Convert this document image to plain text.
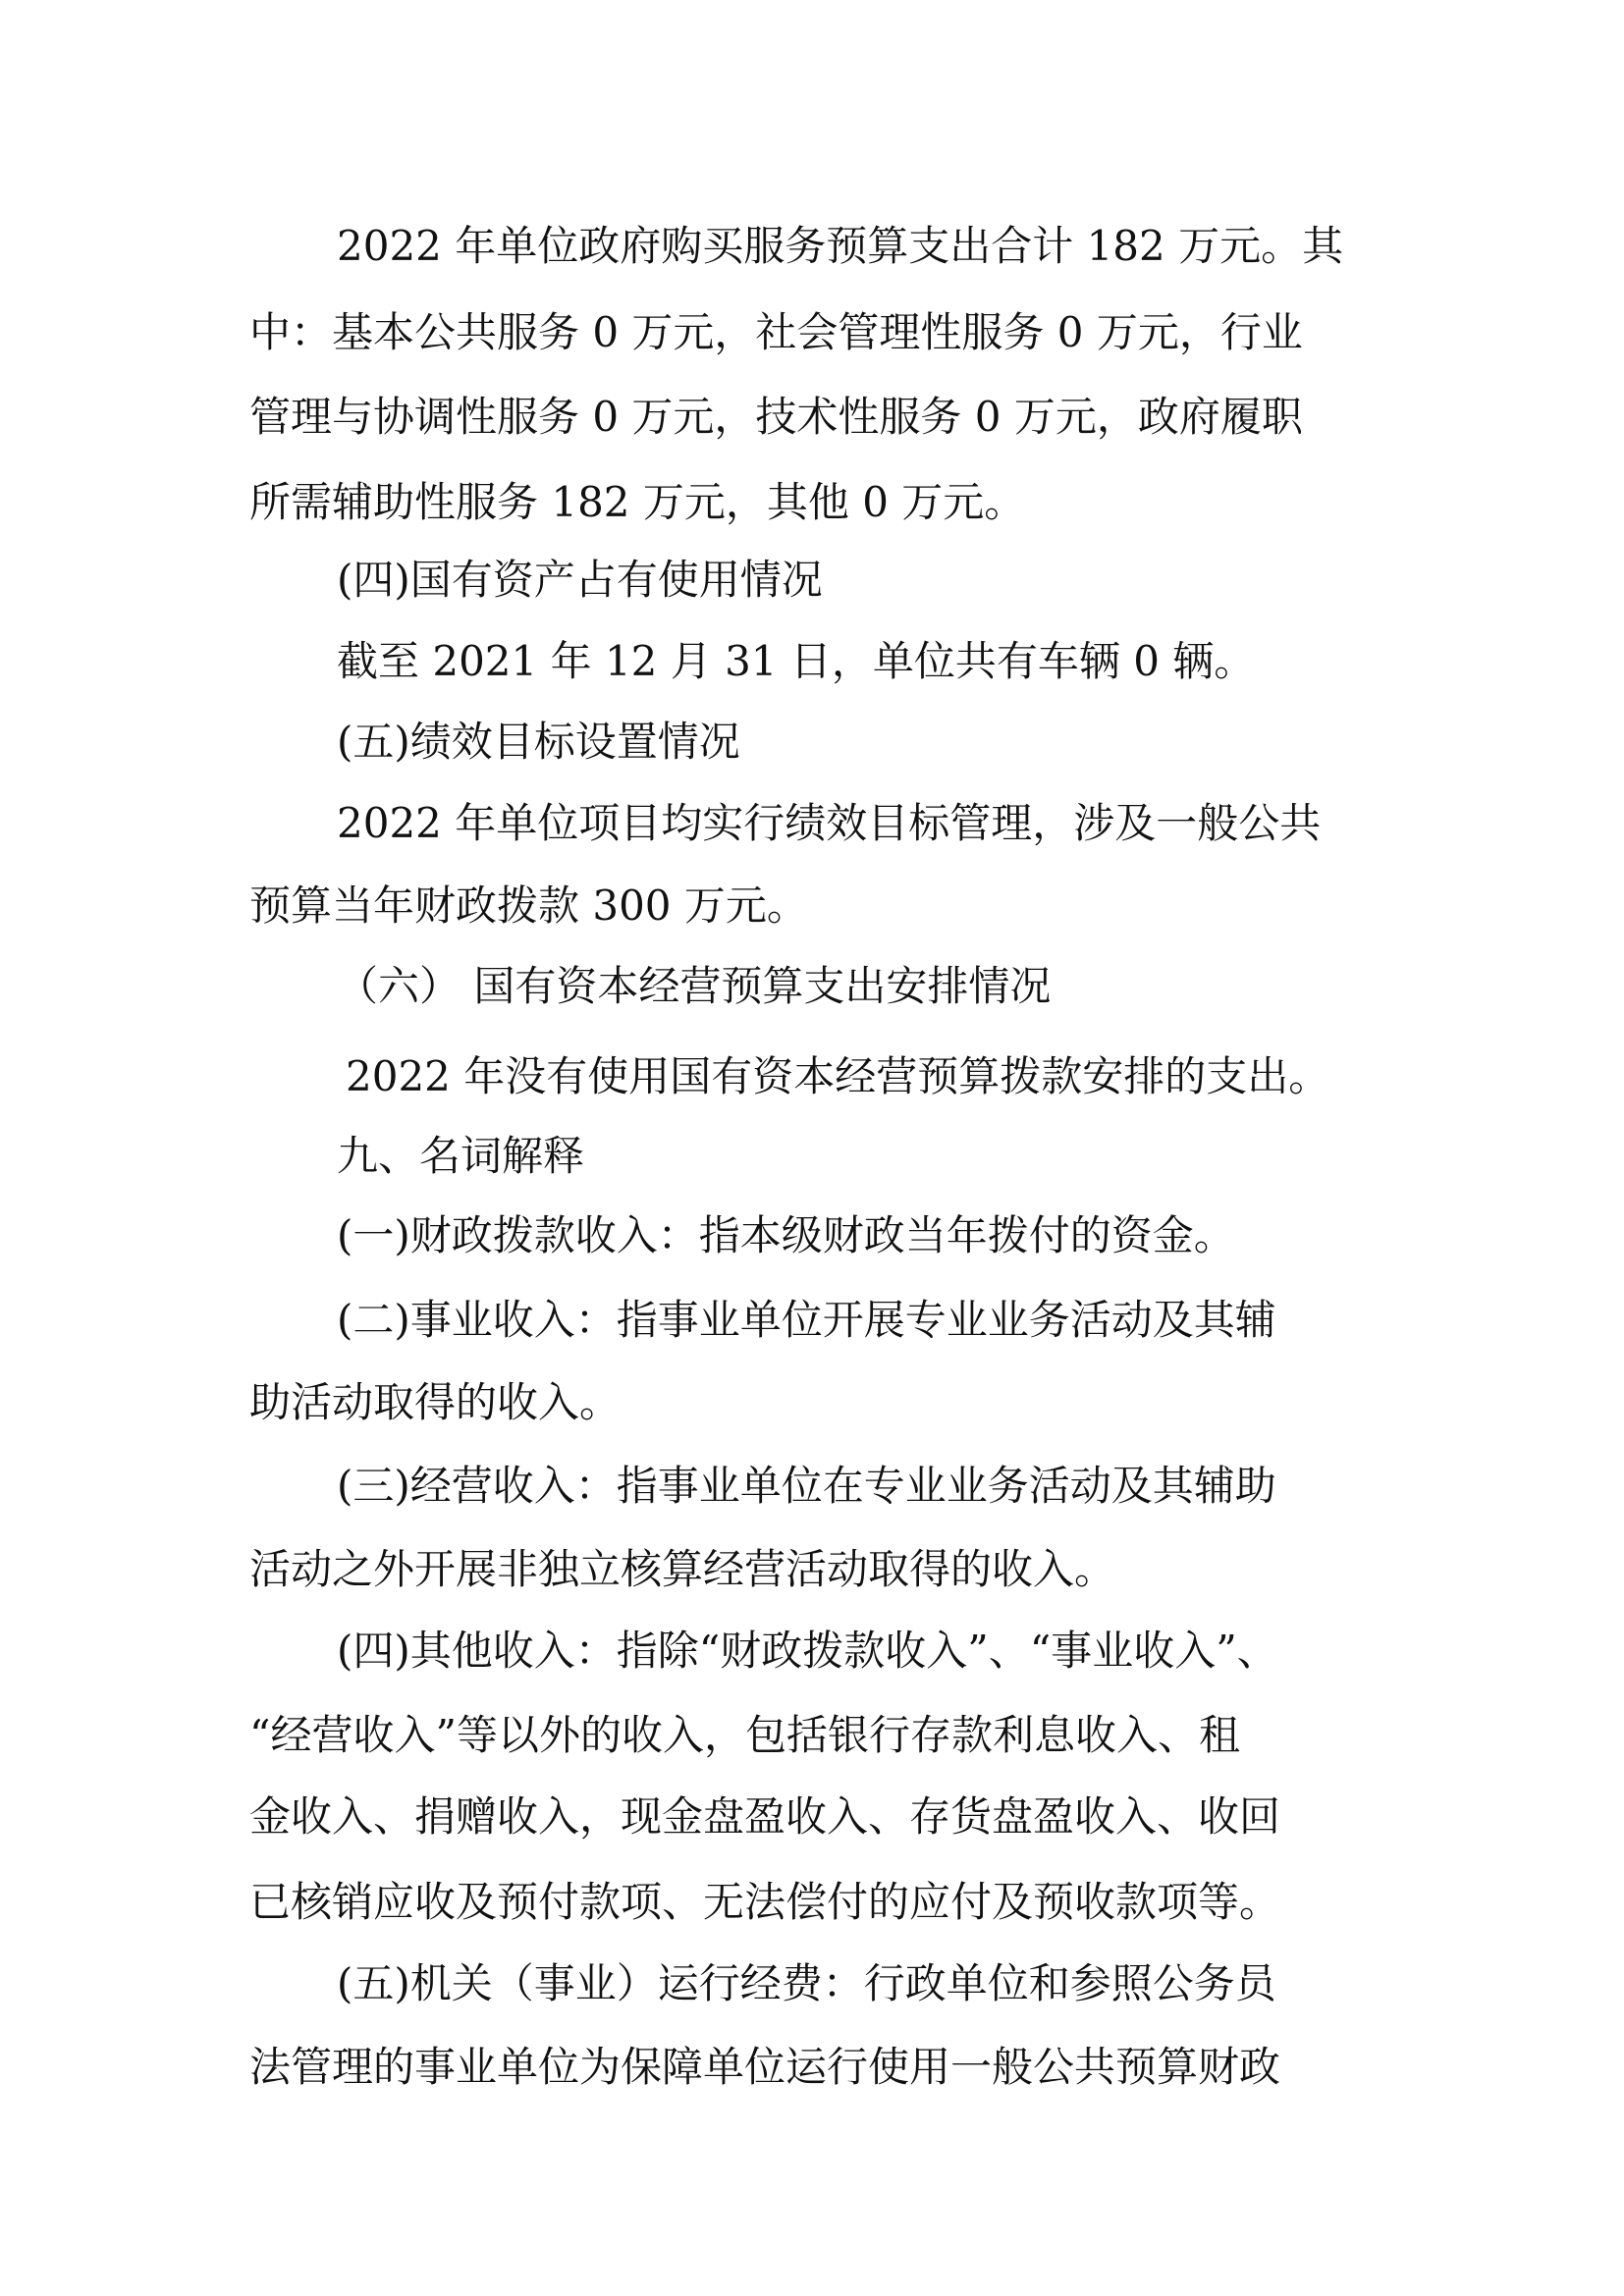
2022 年单位政府购买服务预算支出合计 182 万元。其
中：基本公共服务 0 万元，社会管理性服务 0 万元，行业
管理与协调性服务 0 万元，技术性服务 0 万元，政府履职
所需辅助性服务 182 万元，其他 0 万元。
(四)国有资产占有使用情况
截至 2021 年 12 月 31 日，单位共有车辆 0 辆。
(五)绩效目标设置情况
2022 年单位项目均实行绩效目标管理，涉及一般公共
预算当年财政拨款 300 万元。
（六） 国有资本经营预算支出安排情况
2022 年没有使用国有资本经营预算拨款安排的支出。
九、名词解释
(一)财政拨款收入：指本级财政当年拨付的资金。
(二)事业收入：指事业单位开展专业业务活动及其辅
助活动取得的收入。
(三)经营收入：指事业单位在专业业务活动及其辅助
活动之外开展非独立核算经营活动取得的收入。
(四)其他收入：指除“财政拨款收入”、“事业收入”、
“经营收入”等以外的收入，包括银行存款利息收入、租
金收入、捐赠收入，现金盘盈收入、存货盘盈收入、收回
已核销应收及预付款项、无法偿付的应付及预收款项等。
(五)机关（事业）运行经费：行政单位和参照公务员
法管理的事业单位为保障单位运行使用一般公共预算财政
